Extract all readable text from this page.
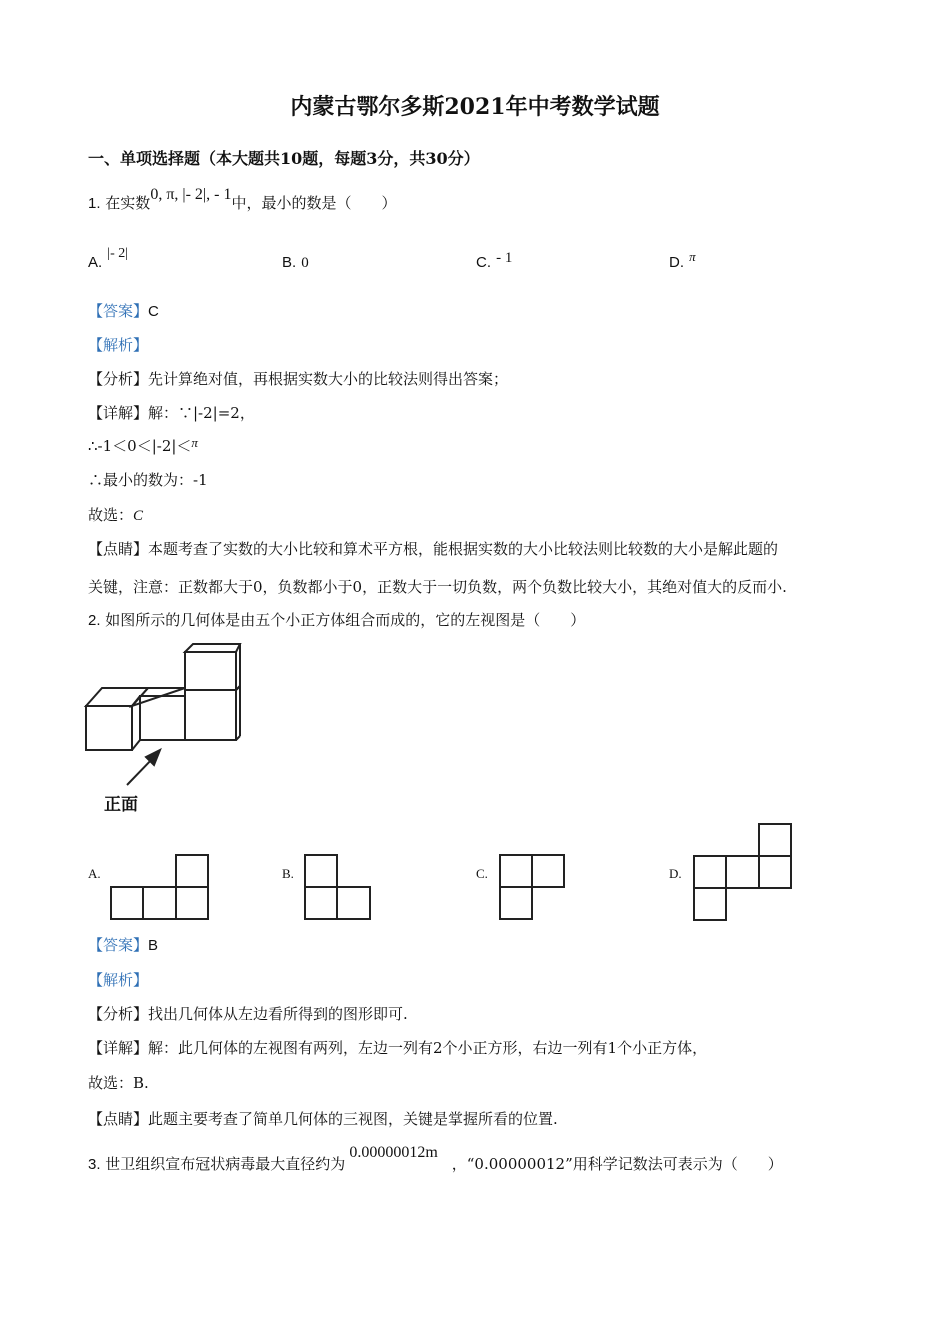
内蒙古鄂尔多斯2021年中考数学试题
一、单项选择题（本大题共10题，每题3分，共30分）
1. 在实数0, π, |- 2|, - 1中，最小的数是（　　）
A. |- 2|
B. 0	C. - 1	D. $^\pi$
【答案】C
【解析】
【分析】先计算绝对值，再根据实数大小的比较法则得出答案；
【详解】解：∵|-2|=2，
∴-1＜0＜|-2|＜π
∴最小的数为：-1
故选：C
【点睛】本题考查了实数的大小比较和算术平方根，能根据实数的大小比较法则比较数的大小是解此题的
关键，注意：正数都大于0，负数都小于0，正数大于一切负数，两个负数比较大小，其绝对值大的反而小.
2. 如图所示的几何体是由五个小正方体组合而成的，它的左视图是（　　）
正面
A.	B.	C.	D.
【答案】B
【解析】
【分析】找出几何体从左边看所得到的图形即可.
【详解】解：此几何体的左视图有两列，左边一列有2个小正方形，右边一列有1个小正方体，
故选：B.
【点睛】此题主要考查了简单几何体的三视图，关键是掌握所看的位置.
3. 世卫组织宣布冠状病毒最大直径约为0.00000012m，“0.00000012”用科学记数法可表示为（　　）
